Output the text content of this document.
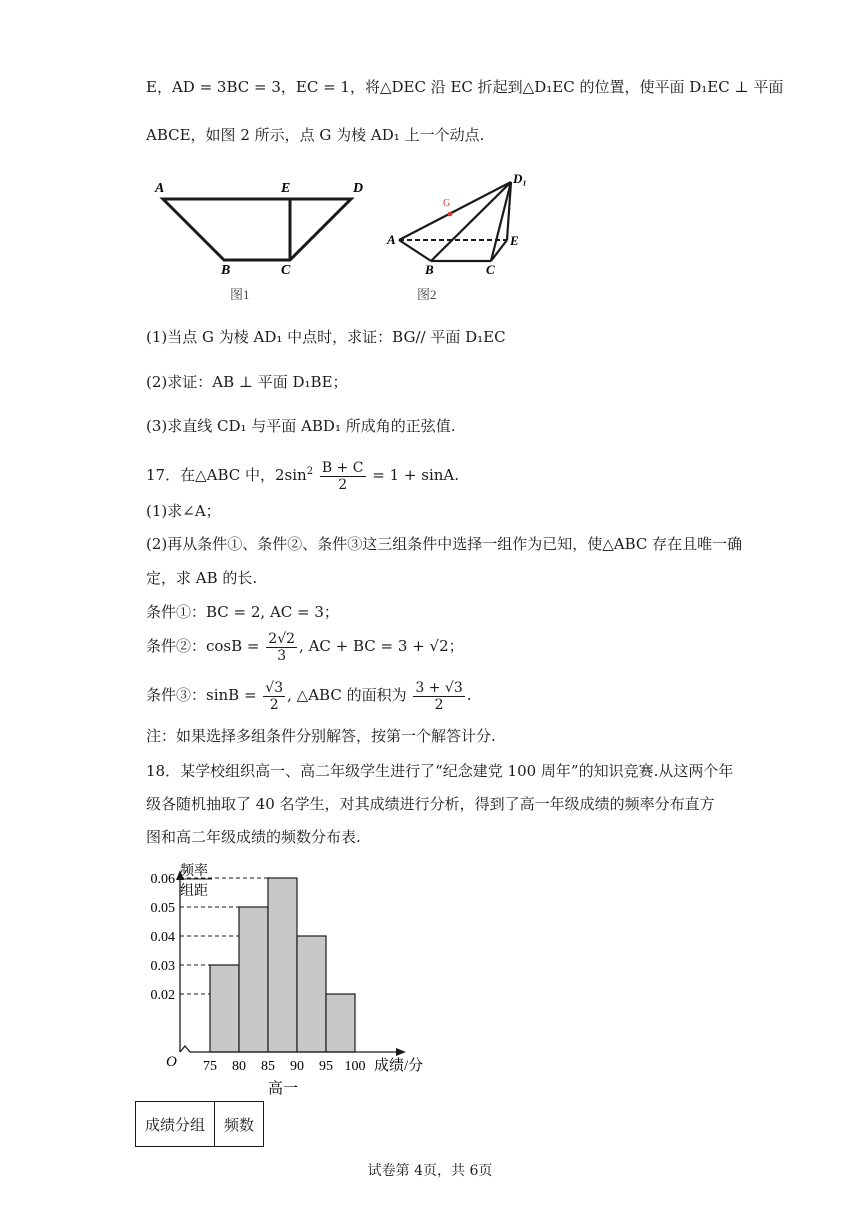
E，AD = 3BC = 3，EC = 1，将△DEC 沿 EC 折起到△D₁EC 的位置，使平面 D₁EC ⊥ 平面
ABCE，如图 2 所示，点 G 为棱 AD₁ 上一个动点.
A	E	D
B	C
图1
G
D₁
A	E
B	C
图2
(1)当点 G 为棱 AD₁ 中点时，求证：BG// 平面 D₁EC
(2)求证：AB ⊥ 平面 D₁BE；
(3)求直线 CD₁ 与平面 ABD₁ 所成角的正弦值.
17．在△ABC 中，$2\sin^2 \frac{B + C}{2} = 1 + \sin A$.
(1)求∠A；
(2)再从条件①、条件②、条件③这三组条件中选择一组作为已知，使△ABC 存在且唯一确
定，求 AB 的长.
条件①：BC = 2, AC = 3；
条件②：$\cos B = \frac{2√2}{3}$ , AC + BC = 3 + √2；
条件③：$\sin B = \frac{√3}{2}$ , △ABC 的面积为 $\frac{3 + √3}{2}$ .
注：如果选择多组条件分别解答，按第一个解答计分.
18．某学校组织高一、高二年级学生进行了“纪念建党 100 周年”的知识竞赛.从这两个年
级各随机抽取了 40 名学生，对其成绩进行分析，得到了高一年级成绩的频率分布直方
图和高二年级成绩的频数分布表.
0.02
0.03
0.04
0.05
0.06
75 80 85 90 95 100
O	成绩/分
频率
组距
高一
成绩分组	频数
试卷第 4页，共 6页
